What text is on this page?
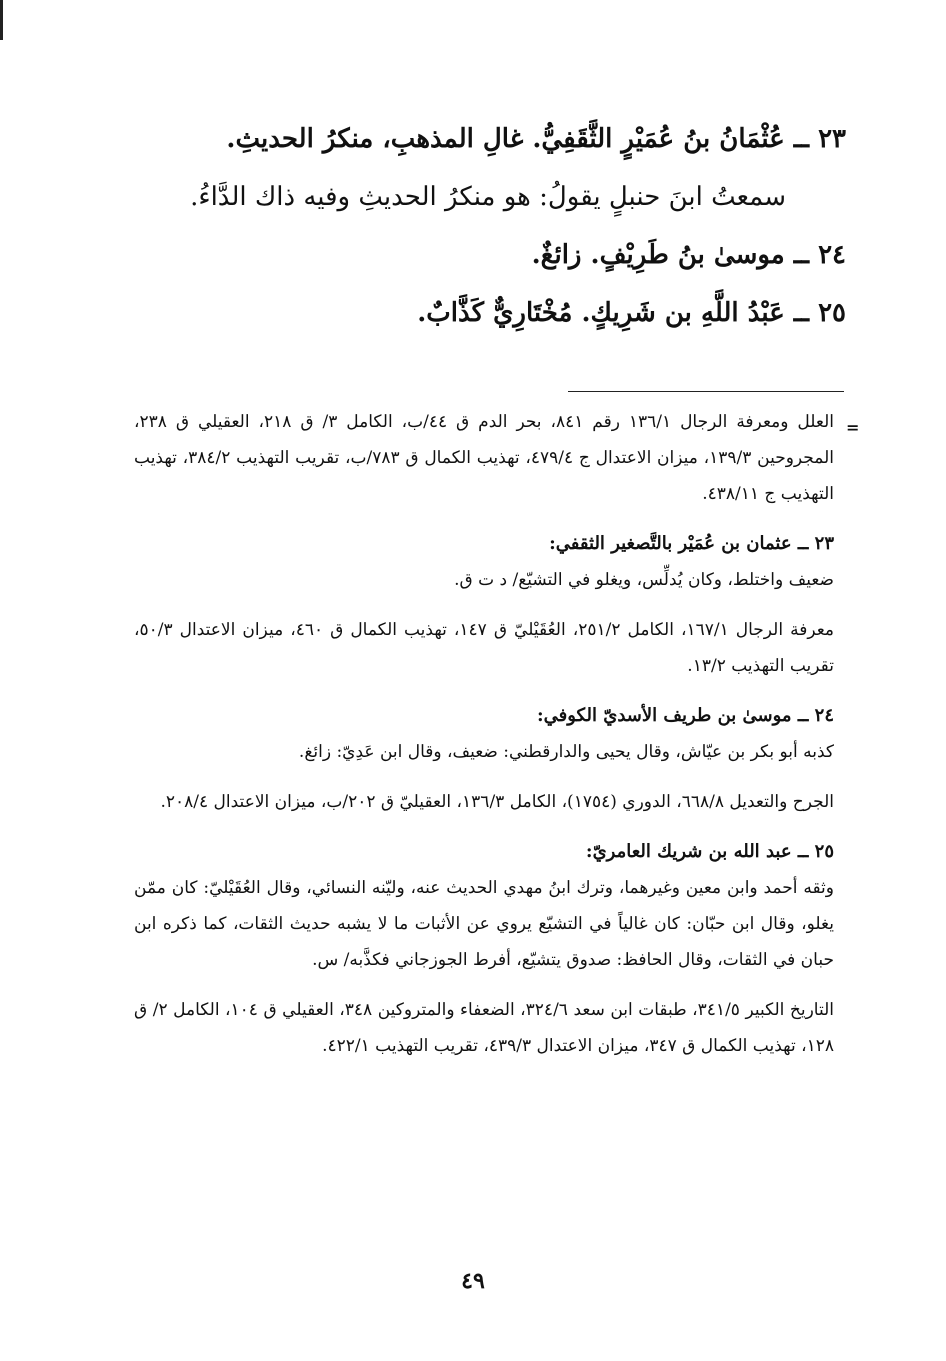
٢٣ ــ عُثْمَانُ بنُ عُمَيْرٍ الثَّقَفِيُّ. غالِ المذهبِ، منكرُ الحديثِ.
سمعتُ ابنَ حنبلٍ يقولُ: هو منكرُ الحديثِ وفيه ذاك الدَّاءُ.
٢٤ ــ موسىٰ بنُ طَرِيْفٍ. زائغٌ.
٢٥ ــ عَبْدُ اللَّهِ بن شَرِيكٍ. مُخْتَارِيٌّ كَذَّابٌ.
=

العلل ومعرفة الرجال ١٣٦/١ رقم ٨٤١، بحر الدم ق ٤٤/ب، الكامل ٣/ ق ٢١٨، العقيلي ق ٢٣٨، المجروحين ١٣٩/٣، ميزان الاعتدال ج ٤٧٩/٤، تهذيب الكمال ق ٧٨٣/ب، تقريب التهذيب ٣٨٤/٢، تهذيب التهذيب ج ٤٣٨/١١.

٢٣ ــ عثمان بن عُمَيْر بالتَّصغير الثقفي:

ضعيف واختلط، وكان يُدلِّس، ويغلو في التشيّع/ د ت ق.

معرفة الرجال ١٦٧/١، الكامل ٢٥١/٢، العُقَيْليّ ق ١٤٧، تهذيب الكمال ق ٤٦٠، ميزان الاعتدال ٥٠/٣، تقريب التهذيب ١٣/٢.

٢٤ ــ موسىٰ بن طريف الأسديّ الكوفي:

كذبه أبو بكر بن عيّاش، وقال يحيى والدارقطني: ضعيف، وقال ابن عَدِيّ: زائغ.

الجرح والتعديل ٦٦٨/٨، الدوري (١٧٥٤)، الكامل ١٣٦/٣، العقيليّ ق ٢٠٢/ب، ميزان الاعتدال ٢٠٨/٤.

٢٥ ــ عبد الله بن شريك العامريّ:

وثقه أحمد وابن معين وغيرهما، وترك ابنُ مهدي الحديث عنه، وليّنه النسائي، وقال العُقَيْليّ: كان ممّن يغلو، وقال ابن حبّان: كان غالياً في التشيّع يروي عن الأثبات ما لا يشبه حديث الثقات، كما ذكره ابن حبان في الثقات، وقال الحافظ: صدوق يتشيّع، أفرط الجوزجاني فكذَّبه/ س.

التاريخ الكبير ٣٤١/٥، طبقات ابن سعد ٣٢٤/٦، الضعفاء والمتروكين ٣٤٨، العقيلي ق ١٠٤، الكامل ٢/ ق ١٢٨، تهذيب الكمال ق ٣٤٧، ميزان الاعتدال ٤٣٩/٣، تقريب التهذيب ٤٢٢/١.

٤٩
